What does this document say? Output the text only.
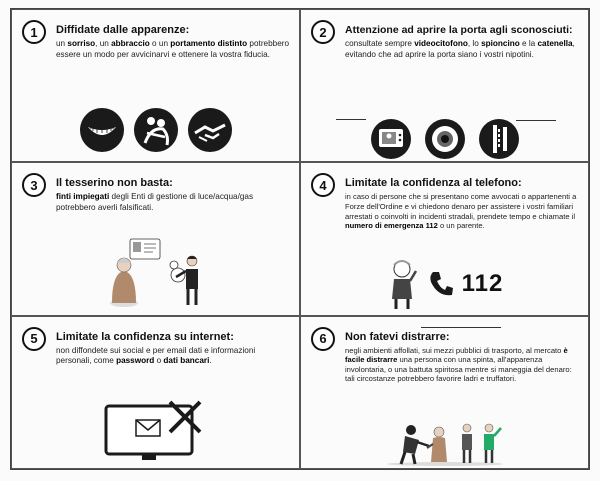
1	Diffidate dalle apparenze:
un sorriso, un abbraccio o un portamento distinto potrebbero essere un modo per avvicinarvi e ottenere la vostra fiducia.
2	Attenzione ad aprire la porta agli sconosciuti:
consultate sempre videocitofono, lo spioncino e la catenella, evitando che ad aprire la porta siano i vostri nipotini.
3	Il tesserino non basta:
finti impiegati degli Enti di gestione di luce/acqua/gas potrebbero averli falsificati.
4	Limitate la confidenza al telefono:
in caso di persone che si presentano come avvocati o appartenenti a Forze dell'Ordine e vi chiedono denaro per assistere i vostri familiari arrestati o coinvolti in incidenti stradali, prendete tempo e chiamate il numero di emergenza 112 o un parente.
112
5	Limitate la confidenza su internet:
non diffondete sui social e per email dati e informazioni personali, come password o dati bancari.
6	Non fatevi distrarre:
negli ambienti affollati, sui mezzi pubblici di trasporto, al mercato è facile distrarre una persona con una spinta, all'apparenza involontaria, o una battuta spiritosa mentre si maneggia del denaro: tali circostanze potrebbero favorire ladri e truffatori.
